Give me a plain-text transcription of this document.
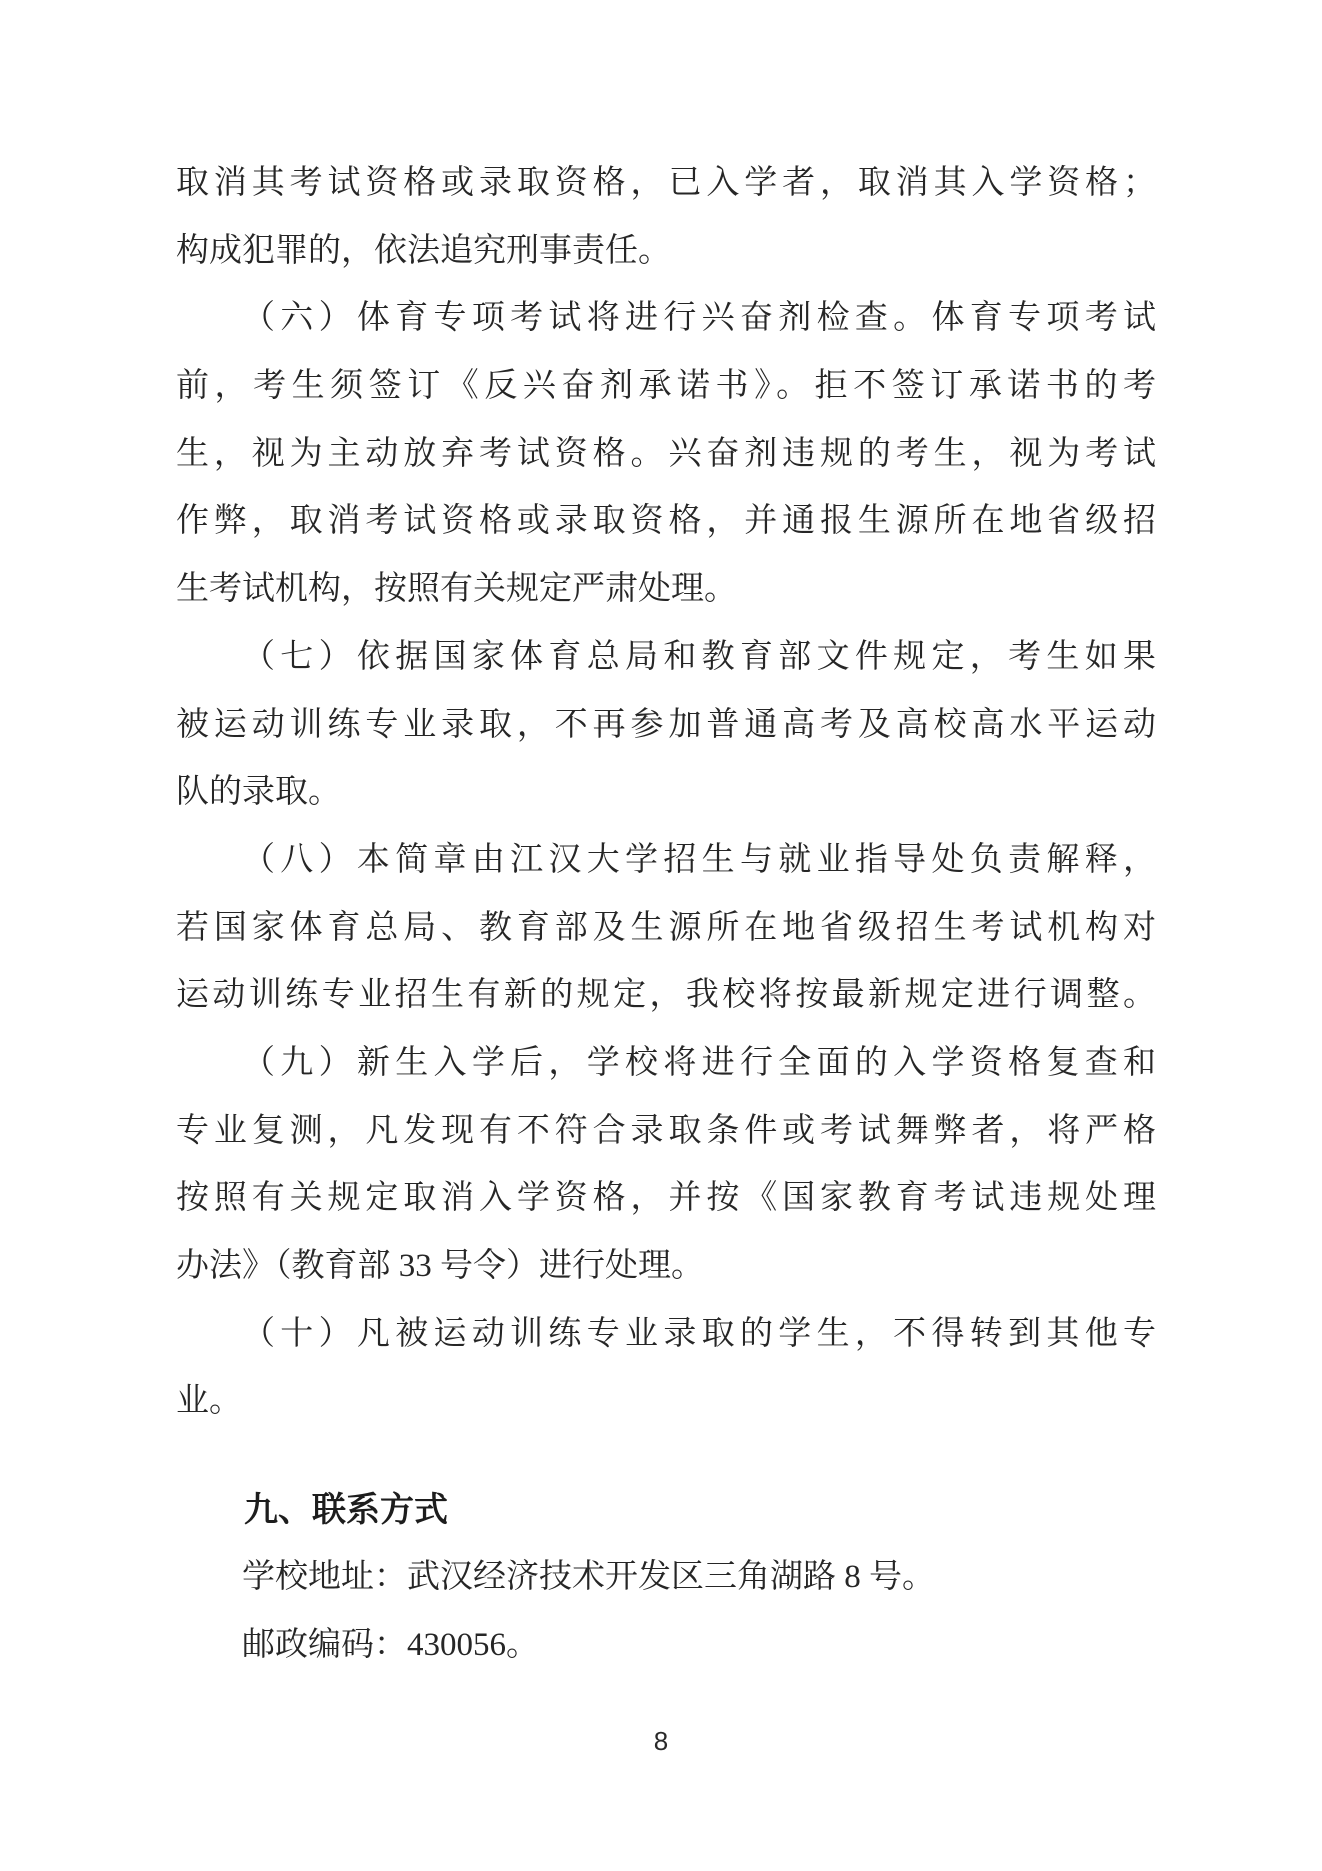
取消其考试资格或录取资格，已入学者，取消其入学资格；
构成犯罪的，依法追究刑事责任。
（六）体育专项考试将进行兴奋剂检查。体育专项考试
前，考生须签订《反兴奋剂承诺书》。拒不签订承诺书的考
生，视为主动放弃考试资格。兴奋剂违规的考生，视为考试
作弊，取消考试资格或录取资格，并通报生源所在地省级招
生考试机构，按照有关规定严肃处理。
（七）依据国家体育总局和教育部文件规定，考生如果
被运动训练专业录取，不再参加普通高考及高校高水平运动
队的录取。
（八）本简章由江汉大学招生与就业指导处负责解释，
若国家体育总局、教育部及生源所在地省级招生考试机构对
运动训练专业招生有新的规定，我校将按最新规定进行调整。
（九）新生入学后，学校将进行全面的入学资格复查和
专业复测，凡发现有不符合录取条件或考试舞弊者，将严格
按照有关规定取消入学资格，并按《国家教育考试违规处理
办法》（教育部 33 号令）进行处理。
（十）凡被运动训练专业录取的学生，不得转到其他专
业。
九、联系方式
学校地址：武汉经济技术开发区三角湖路 8 号。
邮政编码：430056。
8
